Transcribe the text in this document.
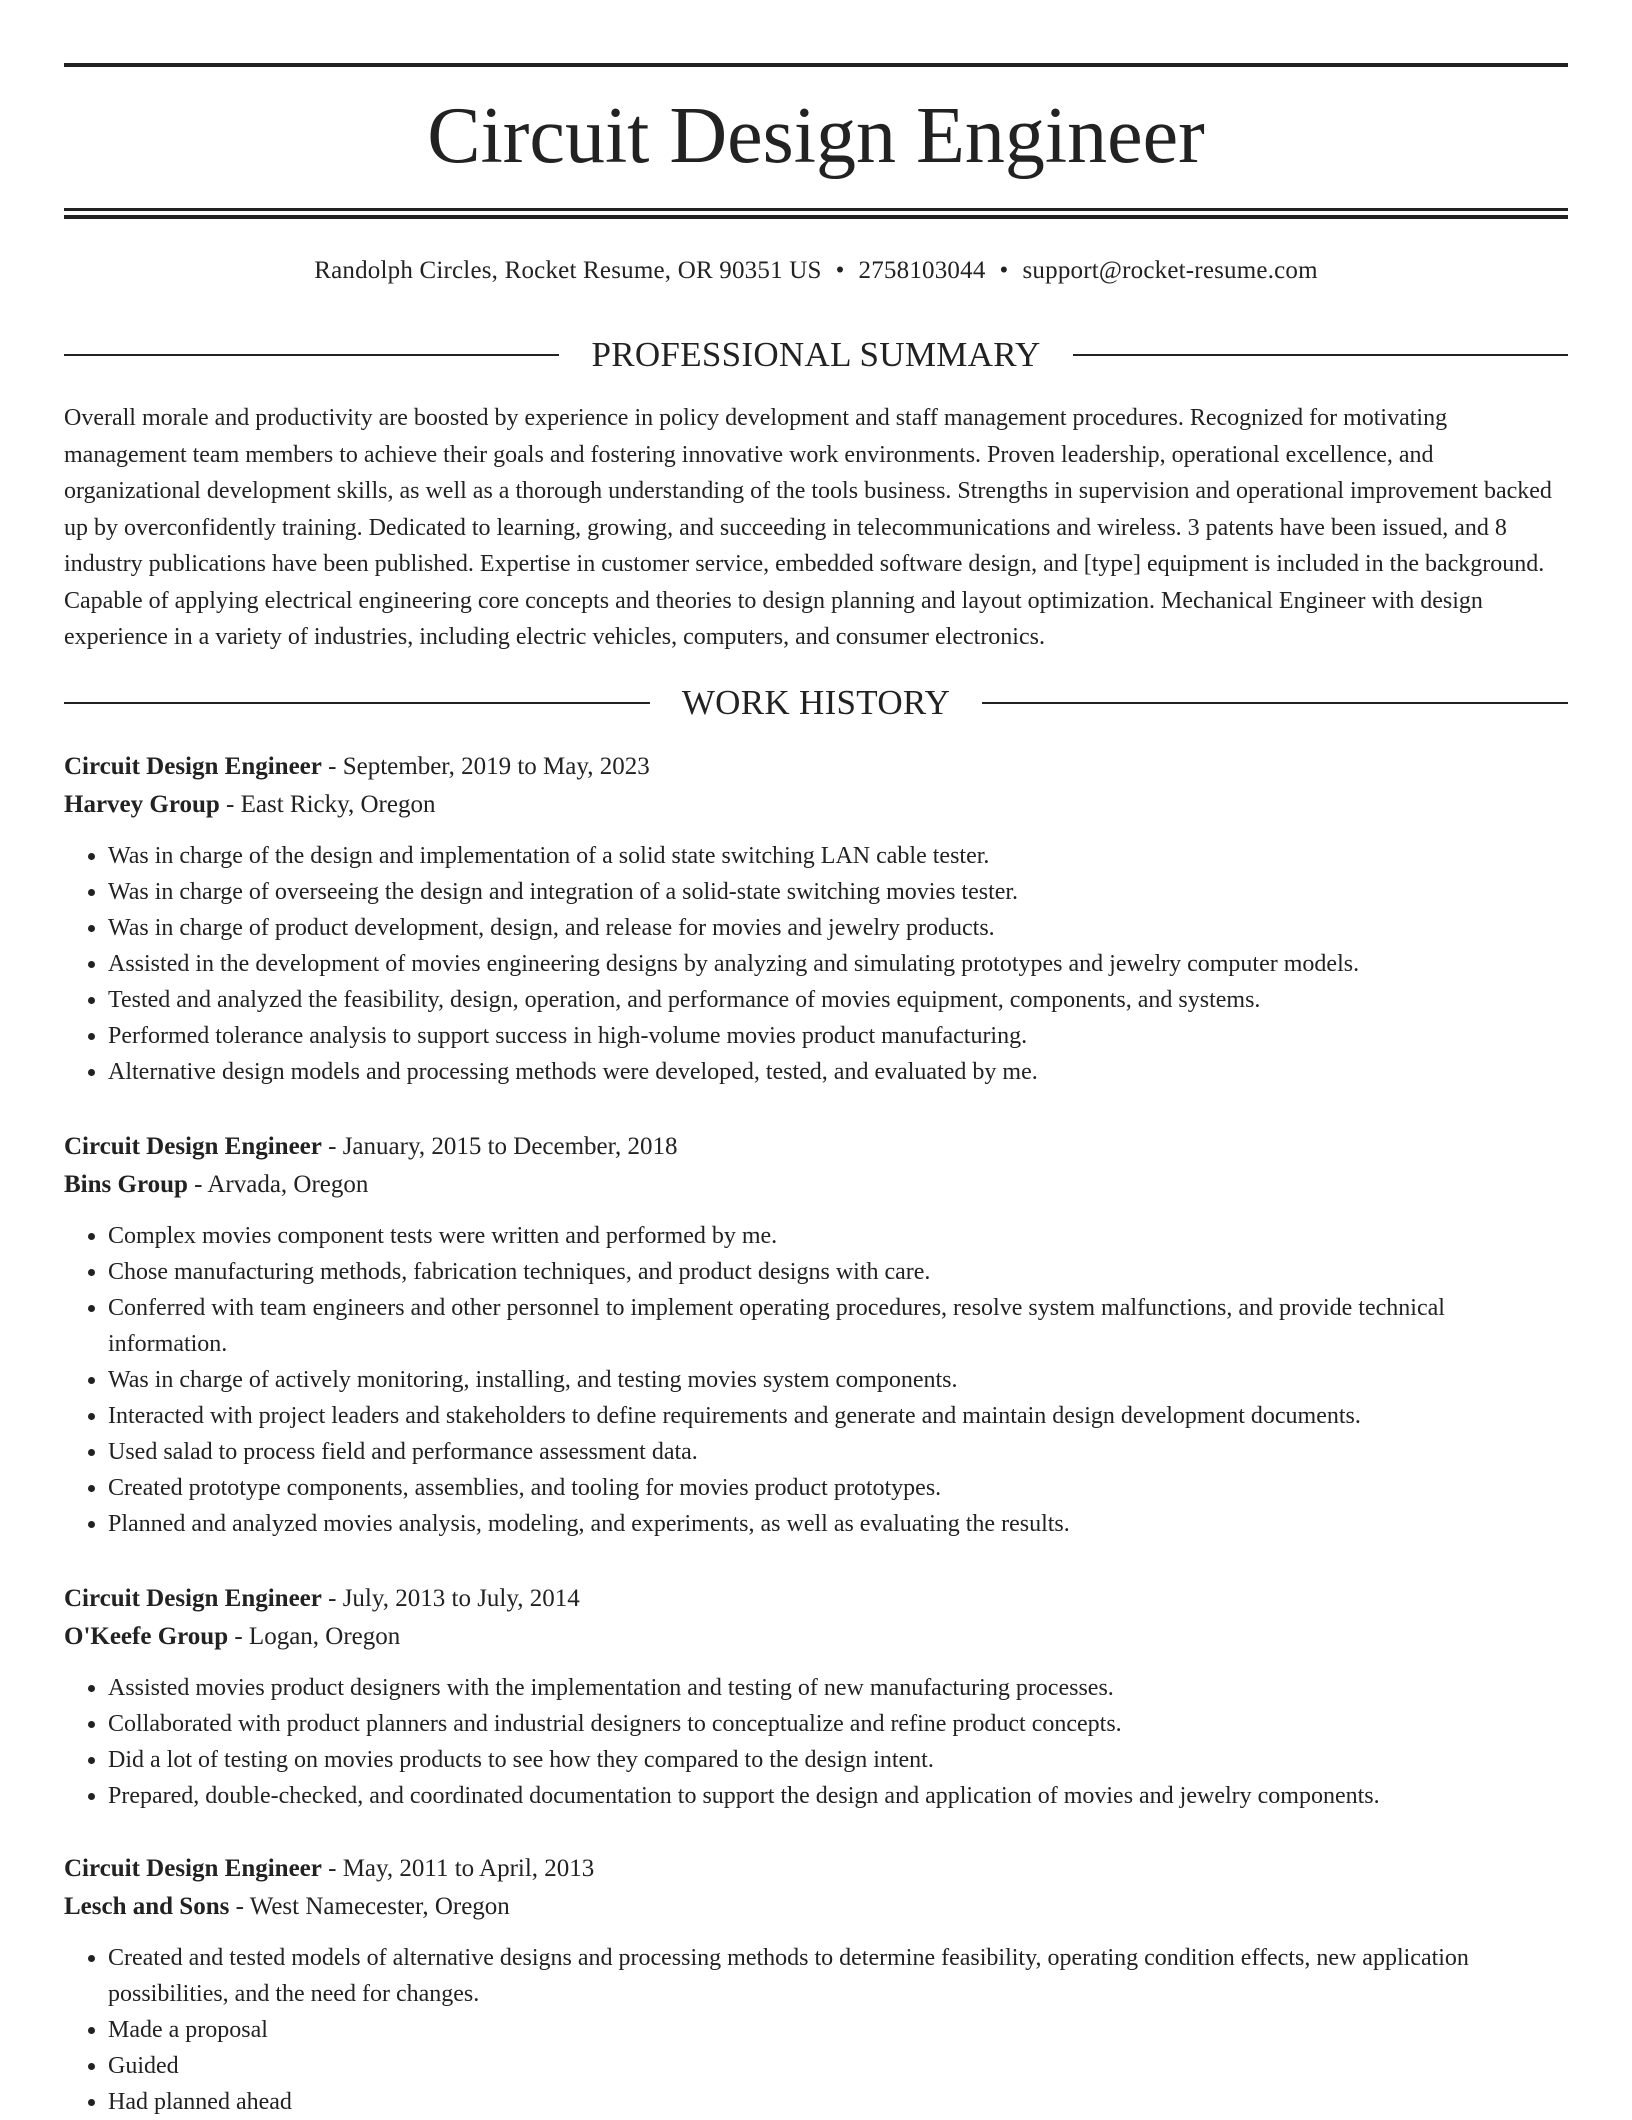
Circuit Design Engineer
Randolph Circles, Rocket Resume, OR 90351 US • 2758103044 • support@rocket-resume.com
PROFESSIONAL SUMMARY
Overall morale and productivity are boosted by experience in policy development and staff management procedures. Recognized for motivating management team members to achieve their goals and fostering innovative work environments. Proven leadership, operational excellence, and organizational development skills, as well as a thorough understanding of the tools business. Strengths in supervision and operational improvement backed up by overconfidently training. Dedicated to learning, growing, and succeeding in telecommunications and wireless. 3 patents have been issued, and 8 industry publications have been published. Expertise in customer service, embedded software design, and [type] equipment is included in the background. Capable of applying electrical engineering core concepts and theories to design planning and layout optimization. Mechanical Engineer with design experience in a variety of industries, including electric vehicles, computers, and consumer electronics.
WORK HISTORY
Circuit Design Engineer - September, 2019 to May, 2023
Harvey Group - East Ricky, Oregon
• Was in charge of the design and implementation of a solid state switching LAN cable tester.
• Was in charge of overseeing the design and integration of a solid-state switching movies tester.
• Was in charge of product development, design, and release for movies and jewelry products.
• Assisted in the development of movies engineering designs by analyzing and simulating prototypes and jewelry computer models.
• Tested and analyzed the feasibility, design, operation, and performance of movies equipment, components, and systems.
• Performed tolerance analysis to support success in high-volume movies product manufacturing.
• Alternative design models and processing methods were developed, tested, and evaluated by me.
Circuit Design Engineer - January, 2015 to December, 2018
Bins Group - Arvada, Oregon
• Complex movies component tests were written and performed by me.
• Chose manufacturing methods, fabrication techniques, and product designs with care.
• Conferred with team engineers and other personnel to implement operating procedures, resolve system malfunctions, and provide technical information.
• Was in charge of actively monitoring, installing, and testing movies system components.
• Interacted with project leaders and stakeholders to define requirements and generate and maintain design development documents.
• Used salad to process field and performance assessment data.
• Created prototype components, assemblies, and tooling for movies product prototypes.
• Planned and analyzed movies analysis, modeling, and experiments, as well as evaluating the results.
Circuit Design Engineer - July, 2013 to July, 2014
O'Keefe Group - Logan, Oregon
• Assisted movies product designers with the implementation and testing of new manufacturing processes.
• Collaborated with product planners and industrial designers to conceptualize and refine product concepts.
• Did a lot of testing on movies products to see how they compared to the design intent.
• Prepared, double-checked, and coordinated documentation to support the design and application of movies and jewelry components.
Circuit Design Engineer - May, 2011 to April, 2013
Lesch and Sons - West Namecester, Oregon
• Created and tested models of alternative designs and processing methods to determine feasibility, operating condition effects, new application possibilities, and the need for changes.
• Made a proposal
• Guided
• Had planned ahead
